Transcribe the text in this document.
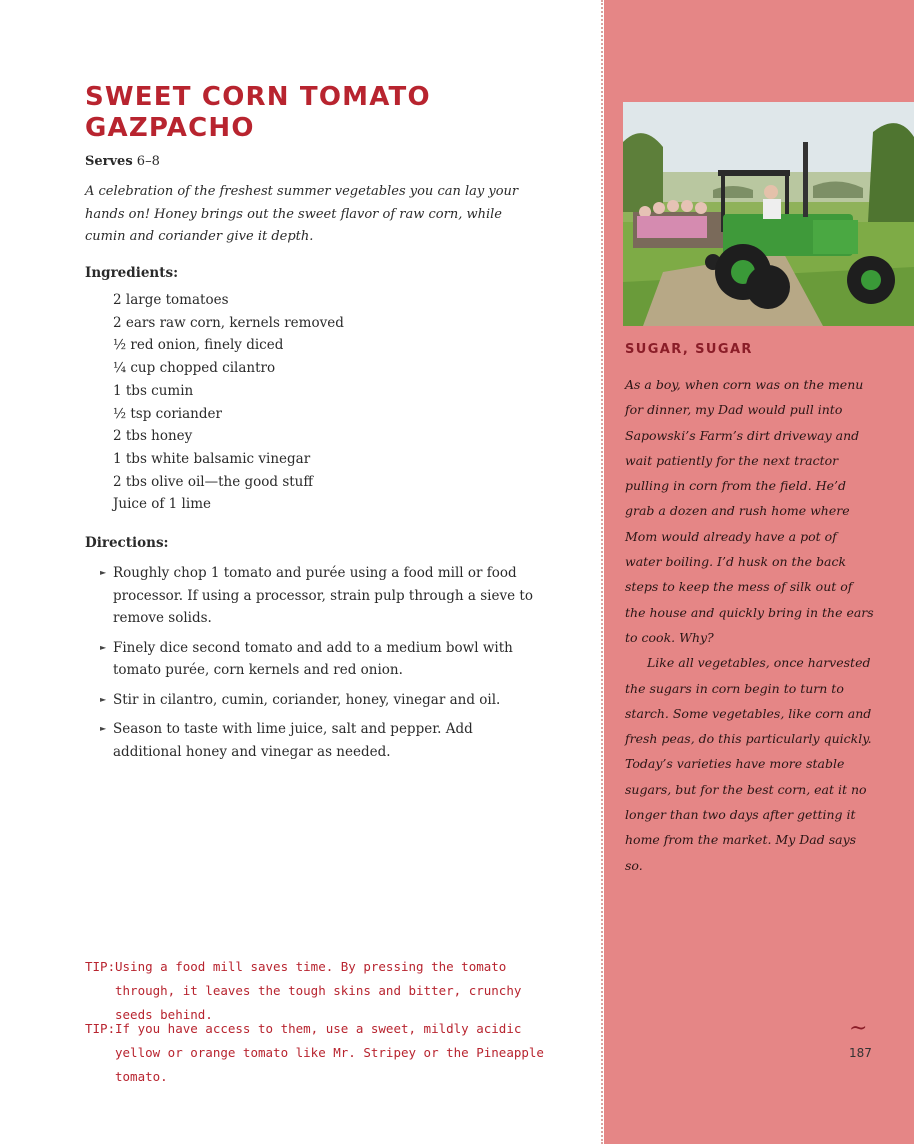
SWEET CORN TOMATO GAZPACHO
Serves 6–8
A celebration of the freshest summer vegetables you can lay your hands on! Honey brings out the sweet flavor of raw corn, while cumin and coriander give it depth.
Ingredients:
2 large tomatoes
2 ears raw corn, kernels removed
½ red onion, finely diced
¼ cup chopped cilantro
1 tbs cumin
½ tsp coriander
2 tbs honey
1 tbs white balsamic vinegar
2 tbs olive oil—the good stuff
Juice of 1 lime
Directions:
► Roughly chop 1 tomato and purée using a food mill or food processor. If using a processor, strain pulp through a sieve to remove solids.
► Finely dice second tomato and add to a medium bowl with tomato purée, corn kernels and red onion.
► Stir in cilantro, cumin, coriander, honey, vinegar and oil.
► Season to taste with lime juice, salt and pepper. Add additional honey and vinegar as needed.
TIP: Using a food mill saves time. By pressing the tomato through, it leaves the tough skins and bitter, crunchy seeds behind.
TIP: If you have access to them, use a sweet, mildly acidic yellow or orange tomato like Mr. Stripey or the Pineapple tomato.
SUGAR, SUGAR

As a boy, when corn was on the menu for dinner, my Dad would pull into Sapowski’s Farm’s dirt driveway and wait patiently for the next tractor pulling in corn from the field. He’d grab a dozen and rush home where Mom would already have a pot of water boiling. I’d husk on the back steps to keep the mess of silk out of the house and quickly bring in the ears to cook. Why?

Like all vegetables, once harvested the sugars in corn begin to turn to starch. Some vegetables, like corn and fresh peas, do this particularly quickly. Today’s varieties have more stable sugars, but for the best corn, eat it no longer than two days after getting it home from the market. My Dad says so.

~
187
